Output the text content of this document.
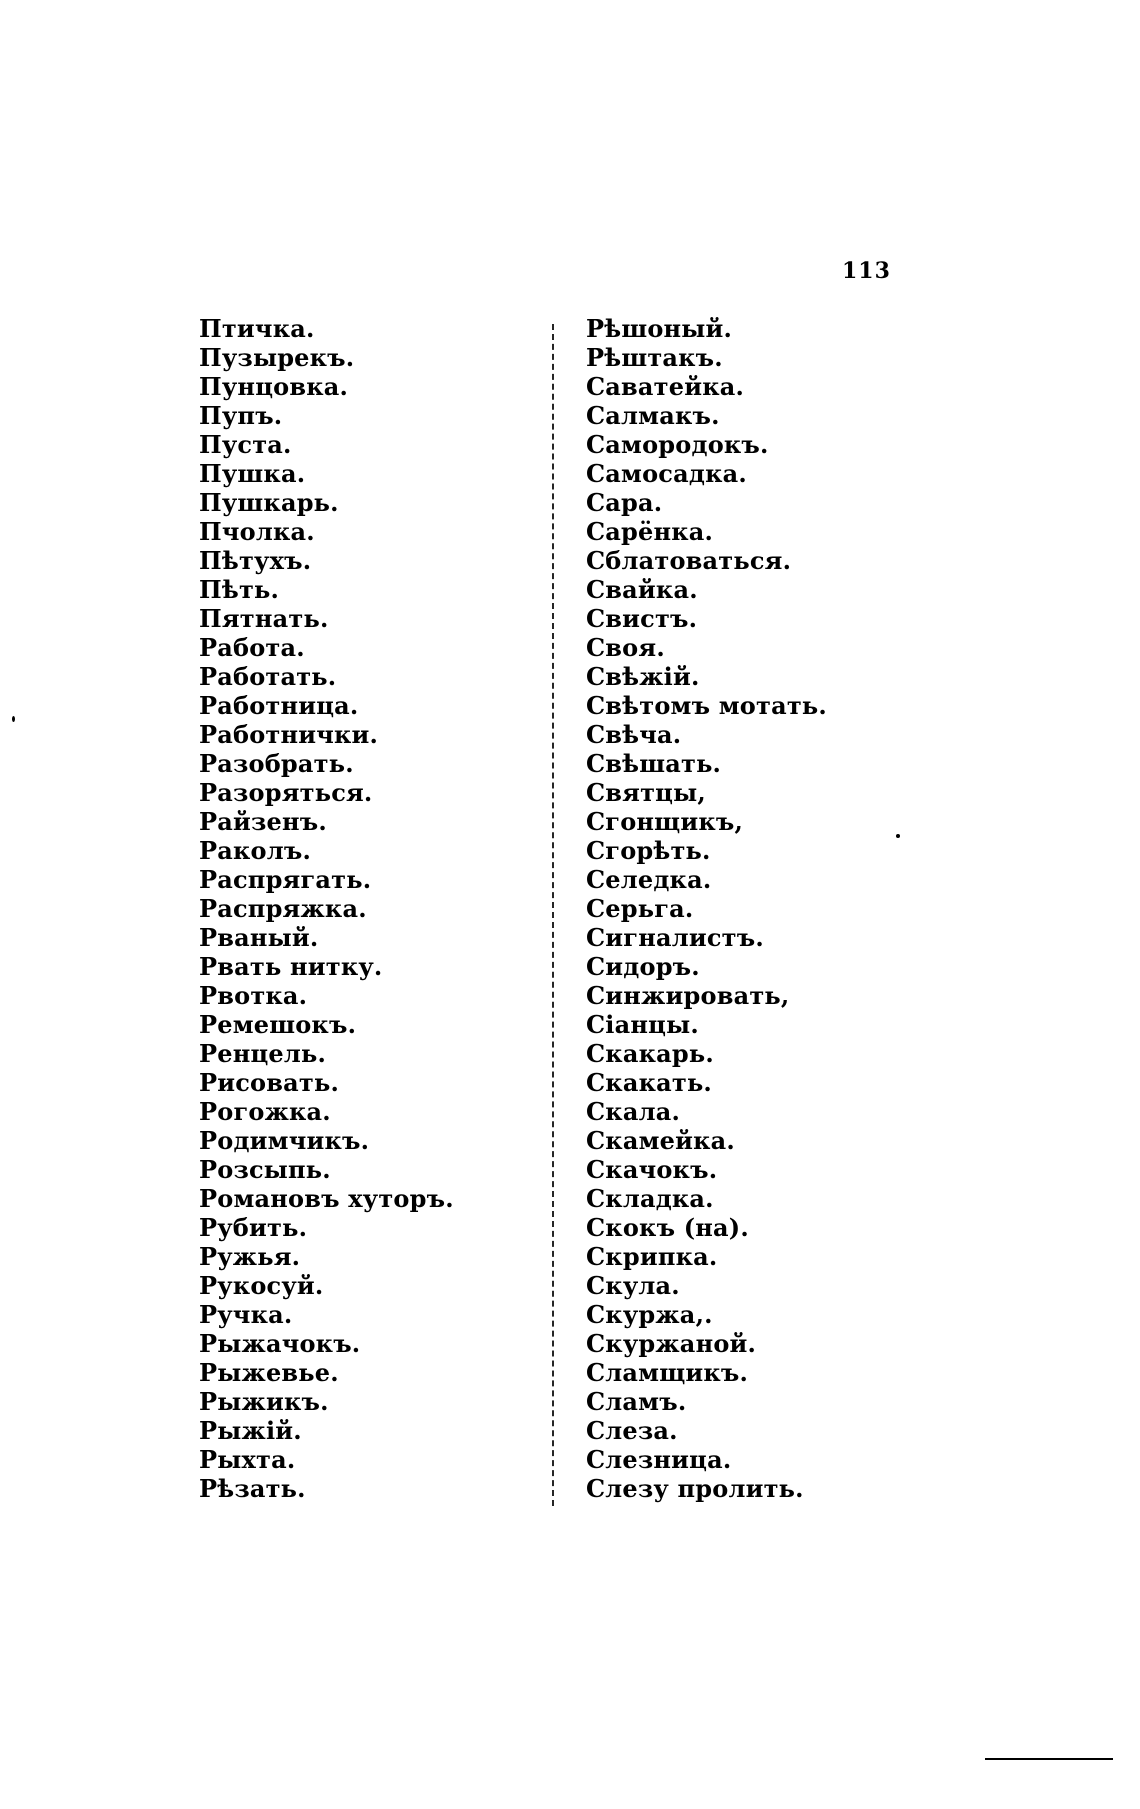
113
Птичка.
Пузырекъ.
Пунцовка.
Пупъ.
Пуста.
Пушка.
Пушкарь.
Пчолка.
Пѣтухъ.
Пѣть.
Пятнать.
Работа.
Работать.
Работница.
Работнички.
Разобрать.
Разоряться.
Райзенъ.
Раколъ.
Распрягать.
Распряжка.
Рваный.
Рвать нитку.
Рвотка.
Ремешокъ.
Ренцель.
Рисовать.
Рогожка.
Родимчикъ.
Розсыпь.
Романовъ хуторъ.
Рубить.
Ружья.
Рукосуй.
Ручка.
Рыжачокъ.
Рыжевье.
Рыжикъ.
Рыжій.
Рыхта.
Рѣзать.
Рѣшоный.
Рѣштакъ.
Саватейка.
Салмакъ.
Самородокъ.
Самосадка.
Сара.
Сарёнка.
Сблатоваться.
Свайка.
Свистъ.
Своя.
Свѣжій.
Свѣтомъ мотать.
Свѣча.
Свѣшать.
Святцы,
Сгонщикъ,
Сгорѣть.
Селедка.
Серьга.
Сигналистъ.
Сидоръ.
Синжировать,
Сіанцы.
Скакарь.
Скакать.
Скала.
Скамейка.
Скачокъ.
Складка.
Скокъ (на).
Скрипка.
Скула.
Скуржа,.
Скуржаной.
Сламщикъ.
Сламъ.
Слеза.
Слезница.
Слезу пролить.
